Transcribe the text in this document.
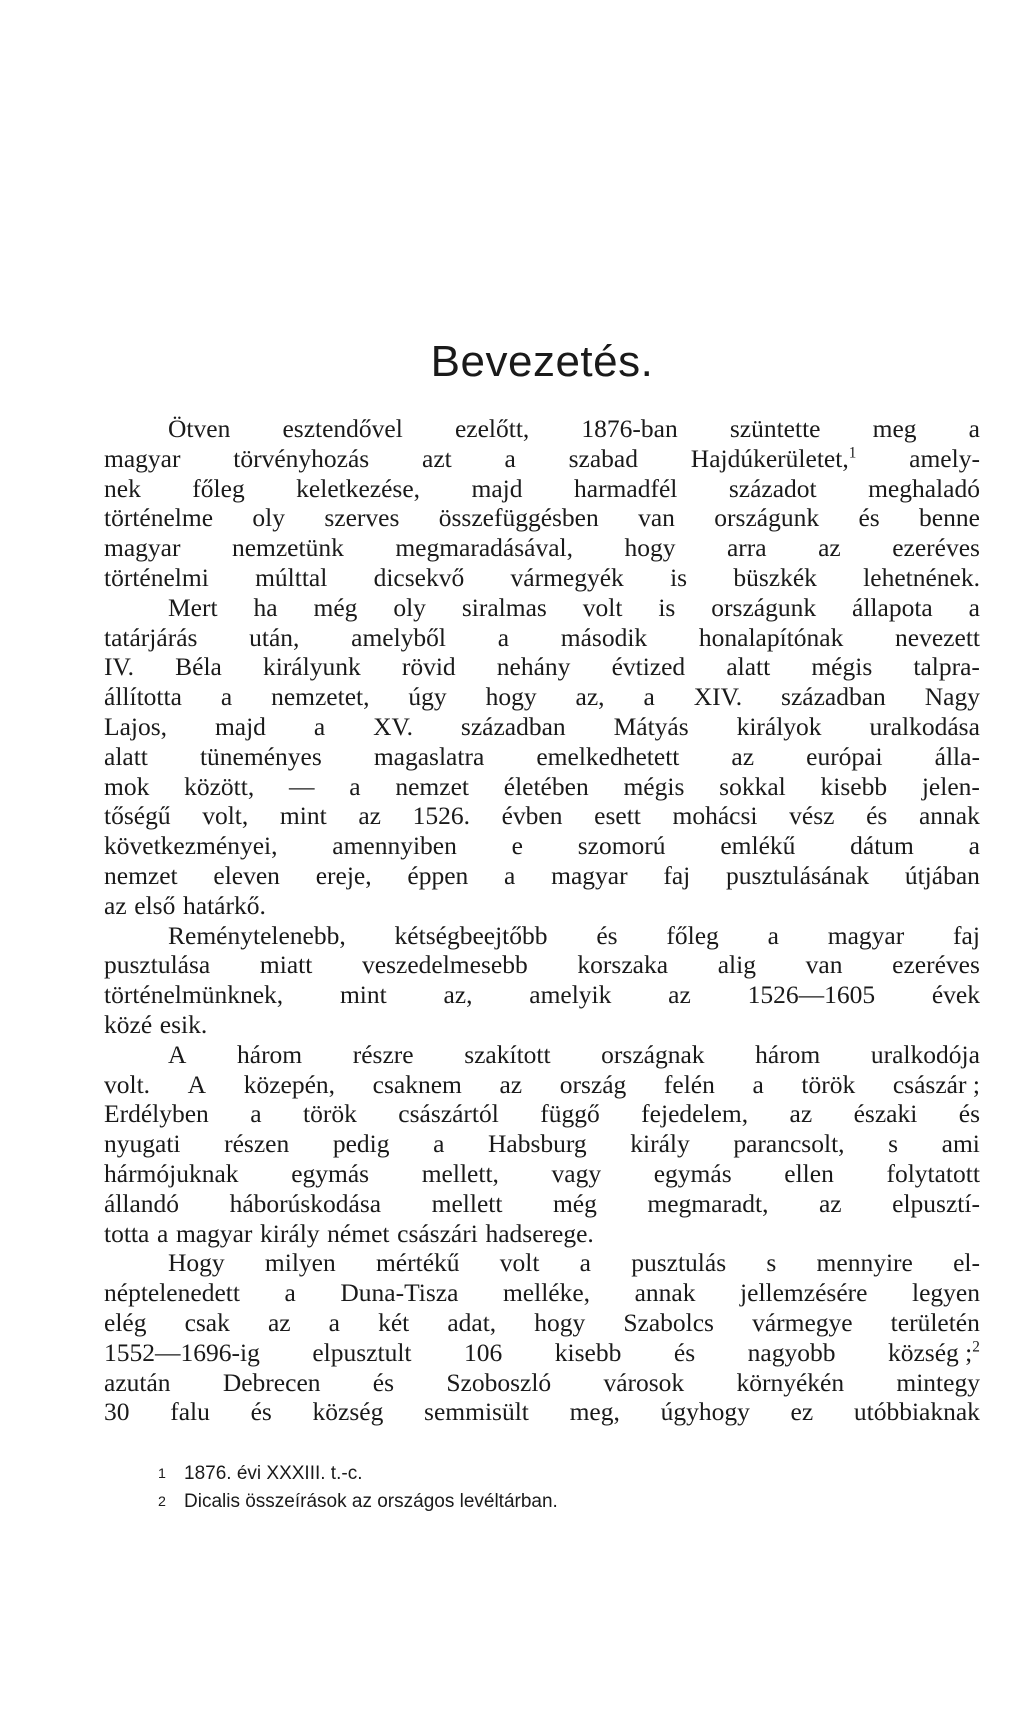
Bevezetés.
Ötven esztendővel ezelőtt, 1876-ban szüntette meg a
magyar törvényhozás azt a szabad Hajdúkerületet,$^1$ amely-
nek főleg keletkezése, majd harmadfél századot meghaladó
történelme oly szerves összefüggésben van országunk és benne
magyar nemzetünk megmaradásával, hogy arra az ezeréves
történelmi múlttal dicsekvő vármegyék is büszkék lehetnének.
Mert ha még oly siralmas volt is országunk állapota a
tatárjárás után, amelyből a második honalapítónak nevezett
IV. Béla királyunk rövid nehány évtized alatt mégis talpra-
állította a nemzetet, úgy hogy az, a XIV. században Nagy
Lajos, majd a XV. században Mátyás királyok uralkodása
alatt tüneményes magaslatra emelkedhetett az európai álla-
mok között, — a nemzet életében mégis sokkal kisebb jelen-
tőségű volt, mint az 1526. évben esett mohácsi vész és annak
következményei, amennyiben e szomorú emlékű dátum a
nemzet eleven ereje, éppen a magyar faj pusztulásának útjában
az első határkő.
Reménytelenebb, kétségbeejtőbb és főleg a magyar faj
pusztulása miatt veszedelmesebb korszaka alig van ezeréves
történelmünknek, mint az, amelyik az 1526—1605 évek
közé esik.
A három részre szakított országnak három uralkodója
volt. A közepén, csaknem az ország felén a török császár ;
Erdélyben a török császártól függő fejedelem, az északi és
nyugati részen pedig a Habsburg király parancsolt, s ami
hármójuknak egymás mellett, vagy egymás ellen folytatott
állandó háborúskodása mellett még megmaradt, az elpusztí-
totta a magyar király német császári hadserege.
Hogy milyen mértékű volt a pusztulás s mennyire el-
néptelenedett a Duna-Tisza melléke, annak jellemzésére legyen
elég csak az a két adat, hogy Szabolcs vármegye területén
1552—1696-ig elpusztult 106 kisebb és nagyobb község ;$^2$
azután Debrecen és Szoboszló városok környékén mintegy
30 falu és község semmisült meg, úgyhogy ez utóbbiaknak
1 1876. évi XXXIII. t.-c.
2 Dicalis összeírások az országos levéltárban.
